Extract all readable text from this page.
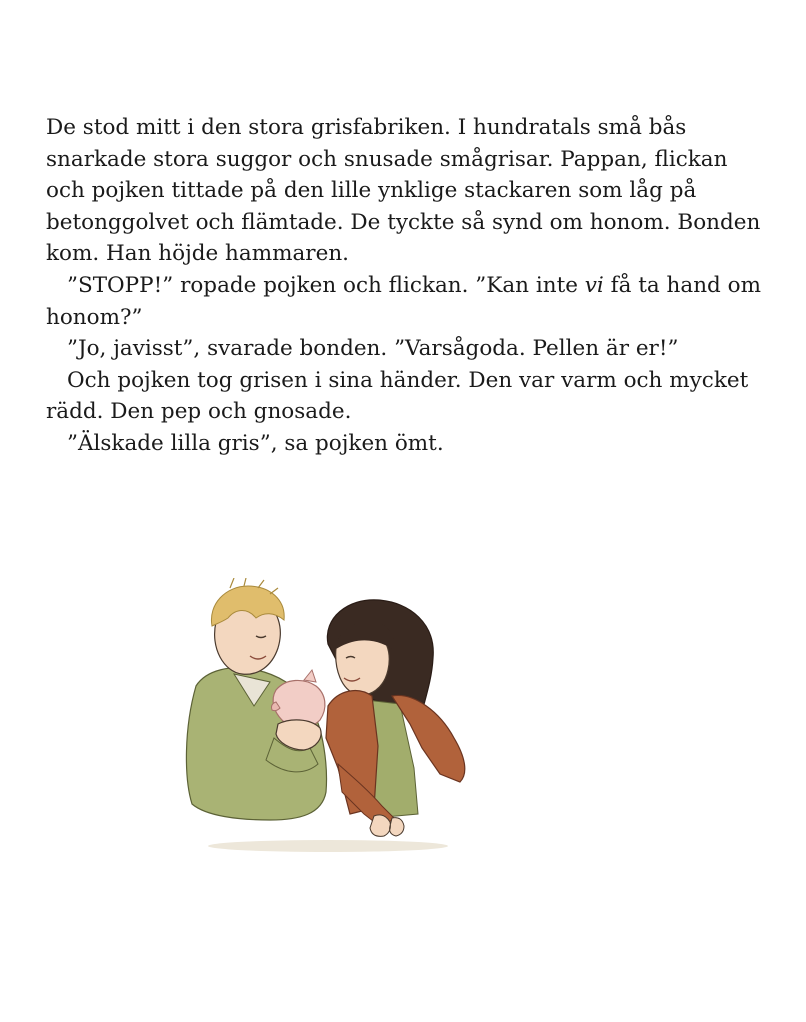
De stod mitt i den stora grisfabriken. I hundratals små bås snarkade stora suggor och snusade smågrisar. Pappan, flickan och pojken tittade på den lille ynklige stackaren som låg på betonggolvet och flämtade. De tyckte så synd om honom. Bonden kom. Han höjde hammaren.

”STOPP!” ropade pojken och flickan. ”Kan inte vi få ta hand om honom?”

”Jo, javisst”, svarade bonden. ”Varsågoda. Pellen är er!”

Och pojken tog grisen i sina händer. Den var varm och mycket rädd. Den pep och gnosade.

”Älskade lilla gris”, sa pojken ömt.
